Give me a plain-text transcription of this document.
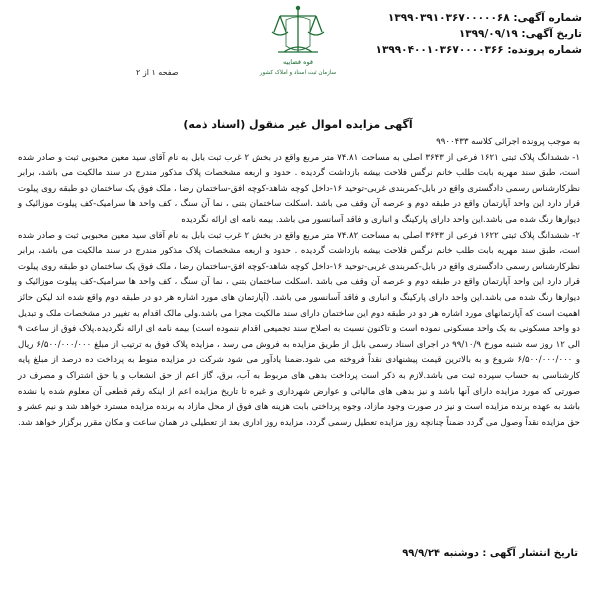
شماره آگهی: ۱۳۹۹۰۳۹۱۰۳۶۷۰۰۰۰۰۶۸
تاریخ آگهی: ۱۳۹۹/۰۹/۱۹
شماره پرونده: ۱۳۹۹۰۴۰۰۱۰۳۶۷۰۰۰۰۳۶۶
قوه قضاییه
سازمان ثبت اسناد و املاک کشور
صفحه ۱ از ۲
آگهی مزایده اموال غیر منقول (اسناد ذمه)

به موجب پرونده اجرائی کلاسه ۹۹۰۰۴۳۳

۱- ششدانگ پلاک ثبتی ۱۶۲۱ فرعی از ۳۶۴۳ اصلی به مساحت ۷۴.۸۱ متر مربع واقع در بخش ۲ غرب ثبت بابل به نام آقای سید معین محبوبی ثبت و صادر شده است، طبق سند مهریه بابت طلب خانم نرگس فلاحت بیشه بازداشت گردیده . حدود و اربعه مشخصات پلاک مذکور مندرج در سند مالکیت می باشد، برابر نظرکارشناس رسمی دادگستری واقع در بابل-کمربندی غربی-توحید ۱۶-داخل کوچه شاهد-کوچه افق-ساختمان رضا ، ملک فوق یک ساختمان دو طبقه روی پیلوت قرار دارد این واحد آپارتمان واقع در طبقه دوم و عرصه آن وقف می باشد .اسکلت ساختمان بتنی ، نما آن سنگ ، کف واحد ها سرامیک-کف پیلوت موزائیک و دیوارها رنگ شده می باشد.این واحد دارای پارکینگ و انباری و فاقد آسانسور می باشد. بیمه نامه ای ارائه نگردیده

۲- ششدانگ پلاک ثبتی ۱۶۲۲ فرعی از ۳۶۴۳ اصلی به مساحت ۷۴.۸۲ متر مربع واقع در بخش ۲ غرب ثبت بابل به نام آقای سید معین محبوبی ثبت و صادر شده است، طبق سند مهریه بابت طلب خانم نرگس فلاحت بیشه بازداشت گردیده . حدود و اربعه مشخصات پلاک مذکور مندرج در سند مالکیت می باشد، برابر نظرکارشناس رسمی دادگستری واقع در بابل-کمربندی غربی-توحید ۱۶-داخل کوچه شاهد-کوچه افق-ساختمان رضا ، ملک فوق یک ساختمان دو طبقه روی پیلوت قرار دارد این واحد آپارتمان واقع در طبقه دوم و عرصه آن وقف می باشد .اسکلت ساختمان بتنی ، نما آن سنگ ، کف واحد ها سرامیک-کف پیلوت موزائیک و دیوارها رنگ شده می باشد.این واحد دارای پارکینگ و انباری و فاقد آسانسور می باشد. (آپارتمان های مورد اشاره هر دو در طبقه دوم واقع شده اند لیکن حائز اهمیت است که آپارتمانهای مورد اشاره هر دو در طبقه دوم این ساختمان دارای سند مالکیت مجزا می باشد.ولی مالک اقدام به تغییر در مشخصات ملک و تبدیل دو واحد مسکونی به یک واحد مسکونی نموده است و تاکنون نسبت به اصلاح سند تجمیعی اقدام ننموده است) بیمه نامه ای ارائه نگردیده.پلاک فوق از ساعت ۹ الی ۱۲ روز سه شنبه مورخ ۹۹/۱۰/۹ در اجرای اسناد رسمی بابل از طریق مزایده به فروش می رسد ، مزایده پلاک فوق به ترتیب از مبلغ ۶/۵۰۰/۰۰۰/۰۰۰ ریال و ۶/۵۰۰/۰۰۰/۰۰۰ شروع و به بالاترین قیمت پیشنهادی نقداً فروخته می شود.ضمنا یادآور می شود شرکت در مزایده منوط به پرداخت ده درصد از مبلغ پایه کارشناسی به حساب سپرده ثبت می باشد.لازم به ذکر است پرداخت بدهی های مربوط به آب، برق، گاز اعم از حق انشعاب و یا حق اشتراک و مصرف در صورتی که مورد مزایده دارای آنها باشد و نیز بدهی های مالیاتی و عوارض شهرداری و غیره تا تاریخ مزایده اعم از اینکه رقم قطعی آن معلوم شده یا نشده باشد به عهده برنده مزایده است و نیز در صورت وجود مازاد، وجوه پرداختی بابت هزینه های فوق از محل مازاد به برنده مزایده مسترد خواهد شد و نیم عشر و حق مزایده نقداً وصول می گردد ضمناً چنانچه روز مزایده تعطیل رسمی گردد، مزایده روز اداری بعد از تعطیلی در همان ساعت و مکان مقرر برگزار خواهد شد.

تاریخ انتشار آگهی : دوشنبه ۹۹/۹/۲۴
